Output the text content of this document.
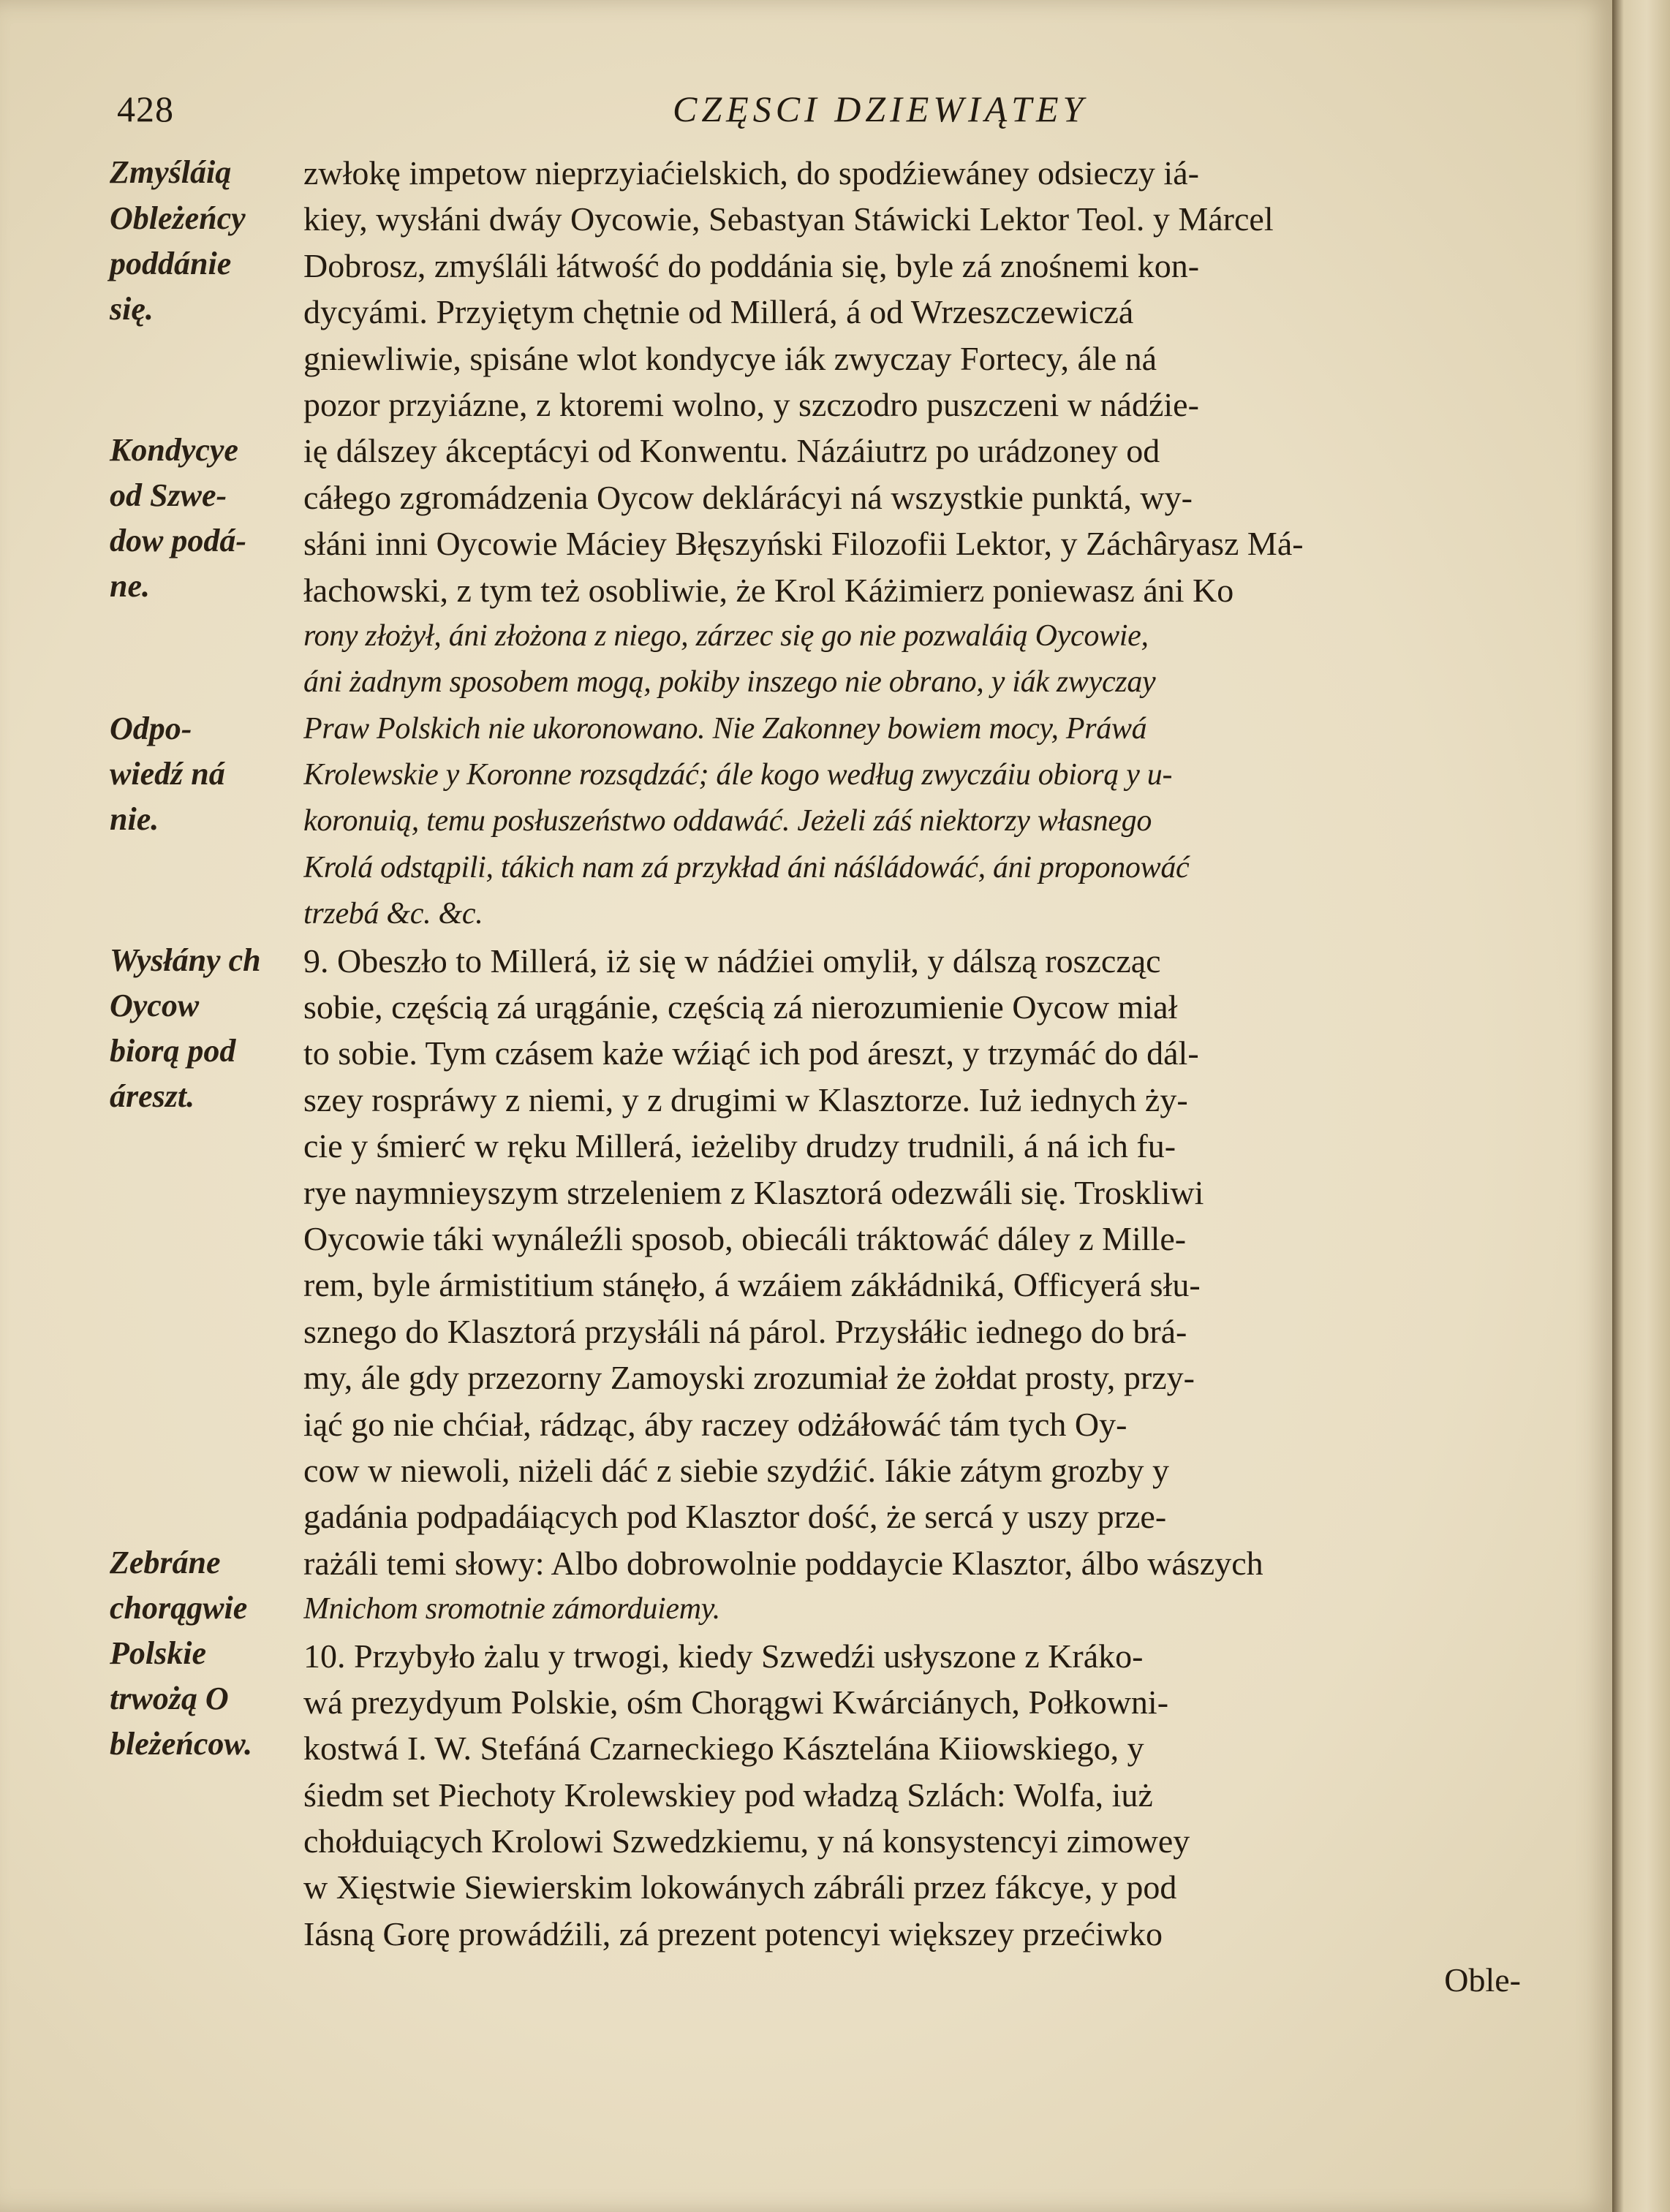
428	CZĘSCI DZIEWIĄTEY
Zmyśláią
Obleżeńcy
poddánie
się.
Kondycye
od Szwe-
dow podá-
ne.
Odpo-
wiedź ná
nie.
Wysłány ch
Oycow
biorą pod
áreszt.
Zebráne
chorągwie
Polskie
trwożą O
bleżeńcow.
zwłokę impetow nieprzyiaćielskich, do spodźiewáney odsieczy iá-
kiey, wysłáni dwáy Oycowie, Sebastyan Stáwicki Lektor Teol. y Márcel
Dobrosz, zmyśláli łátwość do poddánia się, byle zá znośnemi kon-
dycyámi. Przyiętym chętnie od Millerá, á od Wrzeszczewiczá
gniewliwie, spisáne wlot kondycye iák zwyczay Fortecy, ále ná
pozor przyiázne, z ktoremi wolno, y szczodro puszczeni w nádźie-
ię dálszey ákceptácyi od Konwentu. Názáiutrz po urádzoney od
cáłego zgromádzenia Oycow deklárácyi ná wszystkie punktá, wy-
słáni inni Oycowie Máciey Błęszyński Filozofii Lektor, y Záchâryasz Má-
łachowski, z tym też osobliwie, że Krol Káżimierz poniewasz áni Ko
rony złożył, áni złożona z niego, zárzec się go nie pozwaláią Oycowie,
áni żadnym sposobem mogą, pokiby inszego nie obrano, y iák zwyczay
Praw Polskich nie ukoronowano. Nie Zakonney bowiem mocy, Práwá
Krolewskie y Koronne rozsądzáć; ále kogo według zwyczáiu obiorą y u-
koronuią, temu posłuszeństwo oddawáć. Jeżeli záś niektorzy własnego
Krolá odstąpili, tákich nam zá przykład áni náśládowáć, áni proponowáć
trzebá &c. &c.
9. Obeszło to Millerá, iż się w nádźiei omylił, y dálszą roszcząc
sobie, częścią zá urągánie, częścią zá nierozumienie Oycow miał
to sobie. Tym czásem każe wźiąć ich pod áreszt, y trzymáć do dál-
szey rospráwy z niemi, y z drugimi w Klasztorze. Iuż iednych ży-
cie y śmierć w ręku Millerá, ieżeliby drudzy trudnili, á ná ich fu-
rye naymnieyszym strzeleniem z Klasztorá odezwáli się. Troskliwi
Oycowie táki wynáleźli sposob, obiecáli tráktowáć dáley z Mille-
rem, byle ármistitium stánęło, á wzáiem zákłádniká, Officyerá słu-
sznego do Klasztorá przysłáli ná párol. Przysłáłic iednego do brá-
my, ále gdy przezorny Zamoyski zrozumiał że żołdat prosty, przy-
iąć go nie chćiał, rádząc, áby raczey odżáłowáć tám tych Oy-
cow w niewoli, niżeli dáć z siebie szydźić. Iákie zátym grozby y
gadánia podpadáiących pod Klasztor dość, że sercá y uszy prze-
rażáli temi słowy: Albo dobrowolnie poddaycie Klasztor, álbo wászych
Mnichom sromotnie zámorduiemy.
10. Przybyło żalu y trwogi, kiedy Szwedźi usłyszone z Kráko-
wá prezydyum Polskie, ośm Chorągwi Kwárciánych, Połkowni-
kostwá I. W. Stefáná Czarneckiego Kásztelána Kiiowskiego, y
śiedm set Piechoty Krolewskiey pod władzą Szlách: Wolfa, iuż
chołduiących Krolowi Szwedzkiemu, y ná konsystencyi zimowey
w Xięstwie Siewierskim lokowánych zábráli przez fákcye, y pod
Iásną Gorę prowádźili, zá prezent potencyi większey przećiwko
Oble-
